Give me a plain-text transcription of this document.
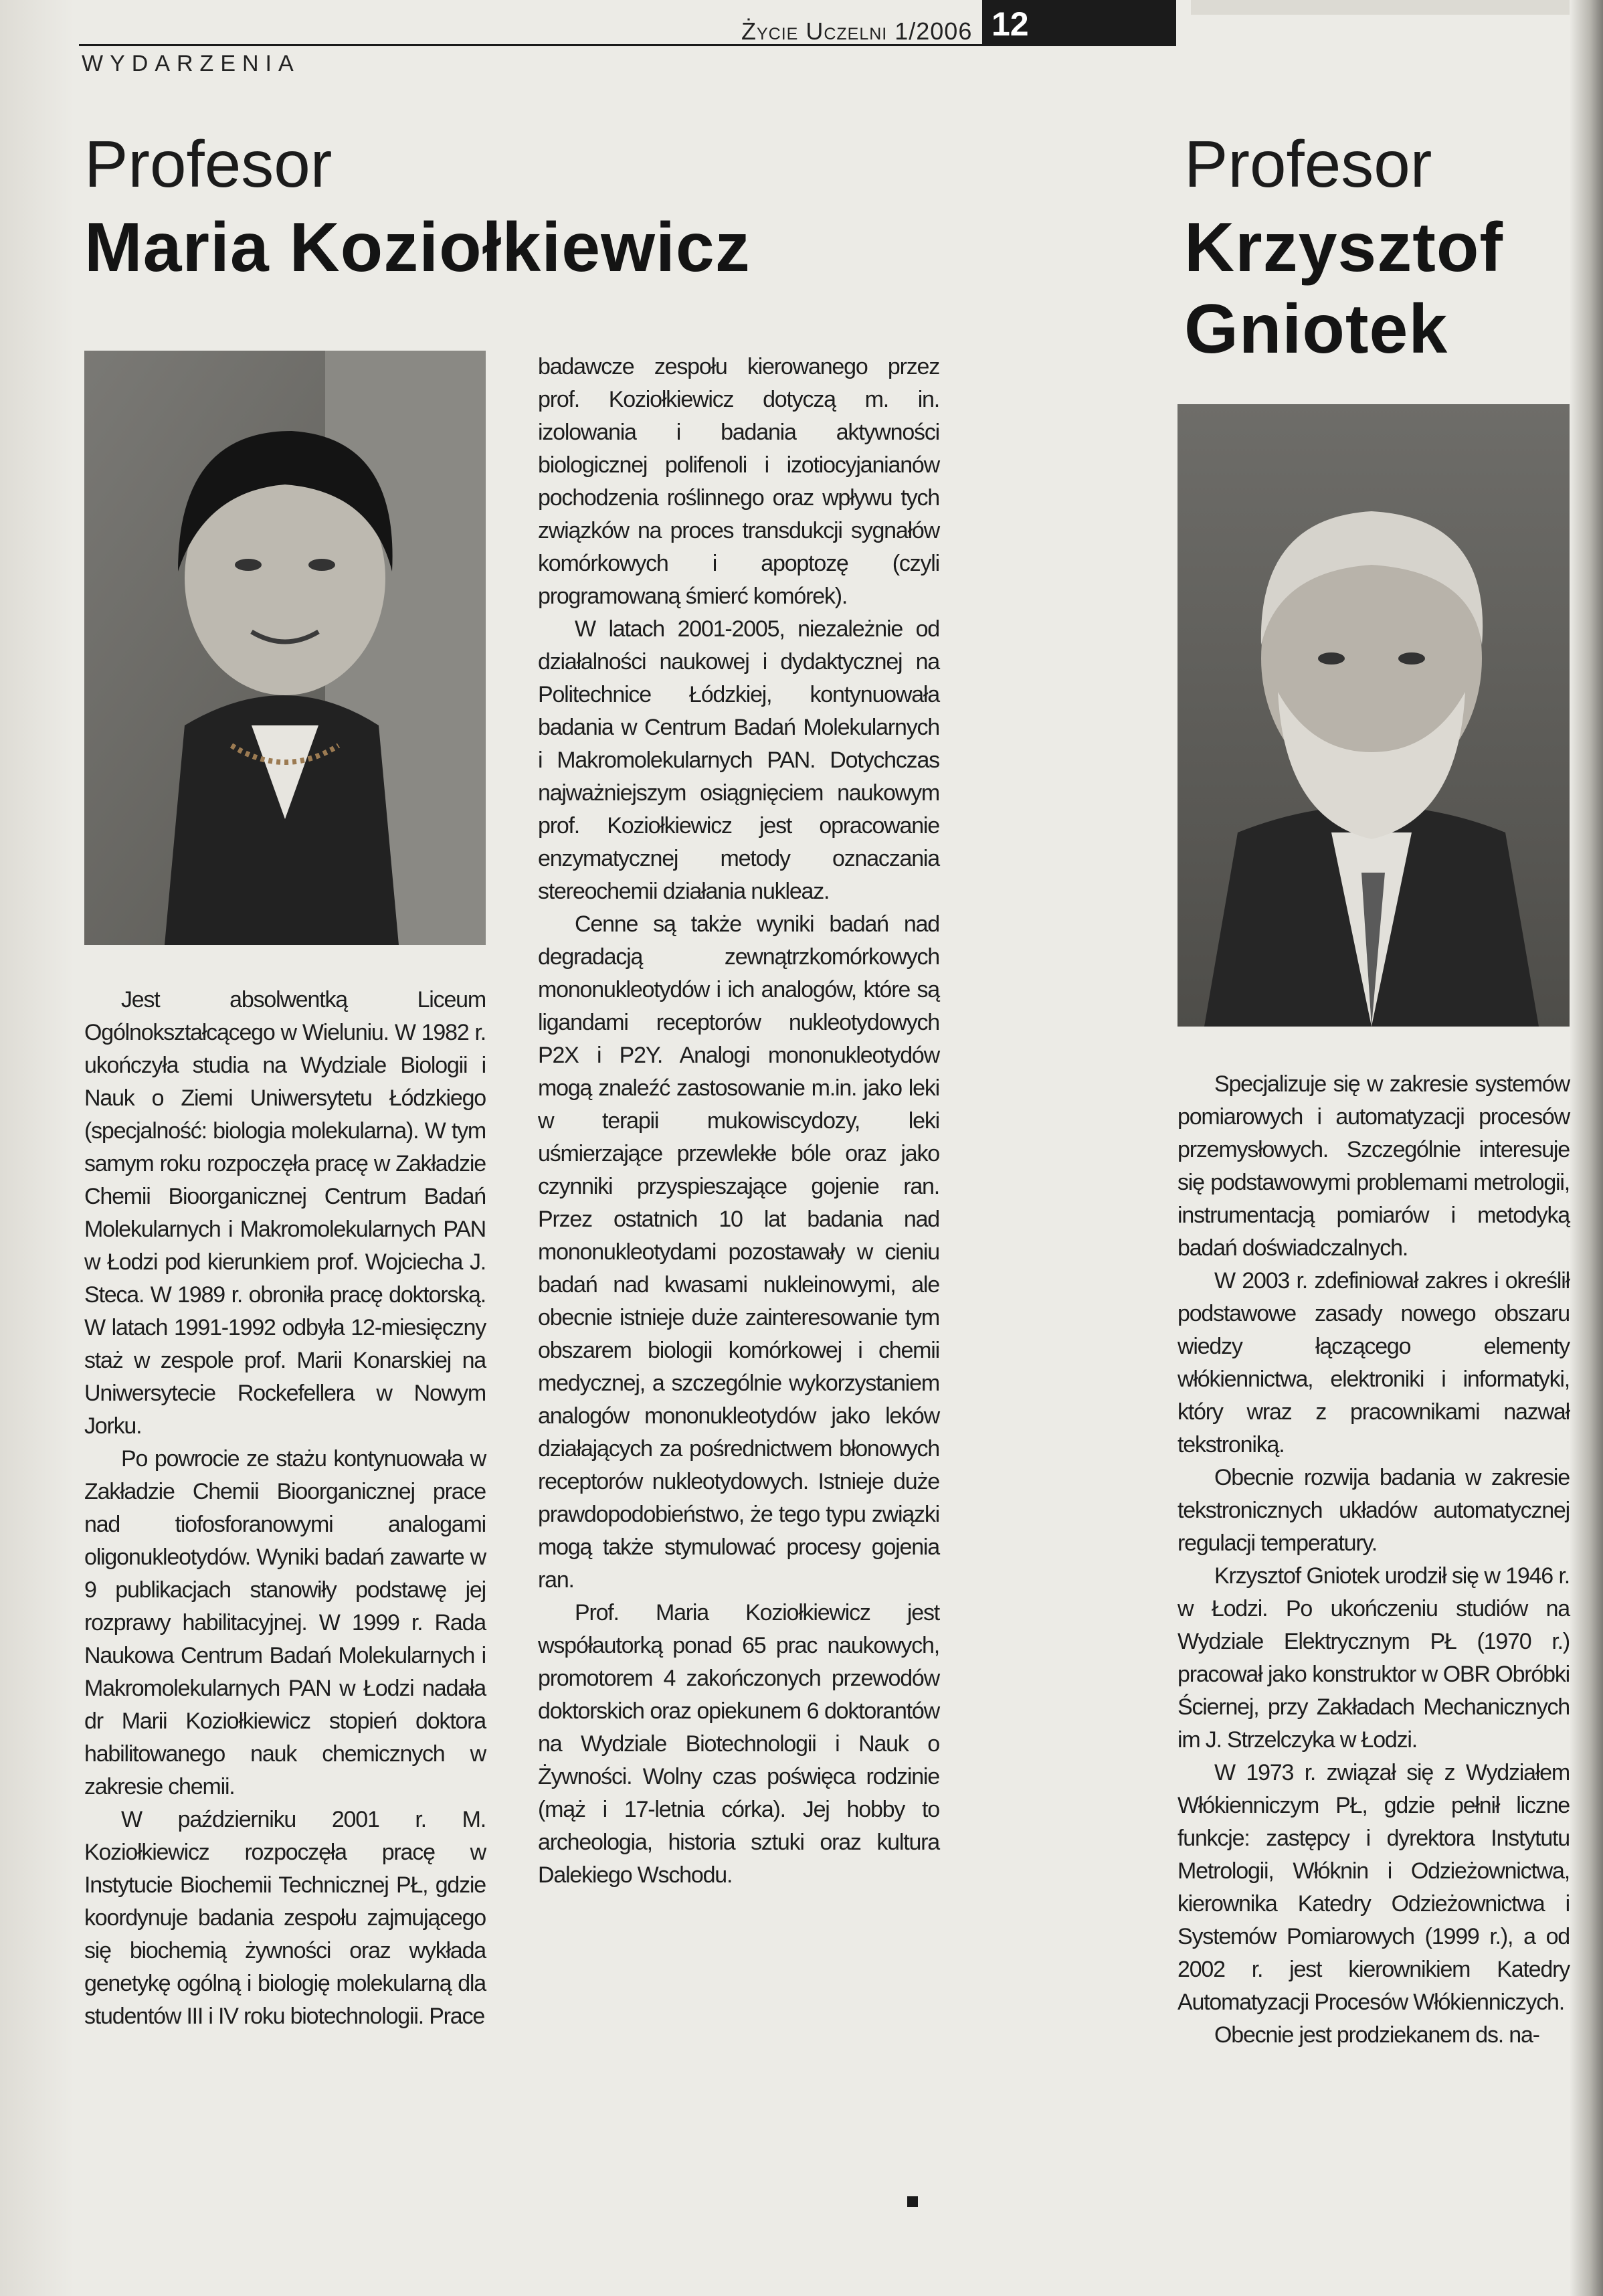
WYDARZENIA
Życie Uczelni 1/2006 12
Profesor
Maria Koziołkiewicz

Jest absolwentką Liceum Ogólnokształcącego w Wieluniu. W 1982 r. ukończyła studia na Wydziale Biologii i Nauk o Ziemi Uniwersytetu Łódzkiego (specjalność: biologia molekularna). W tym samym roku rozpoczęła pracę w Zakładzie Chemii Bioorganicznej Centrum Badań Molekularnych i Makromolekularnych PAN w Łodzi pod kierunkiem prof. Wojciecha J. Steca. W 1989 r. obroniła pracę doktorską. W latach 1991-1992 odbyła 12-miesięczny staż w zespole prof. Marii Konarskiej na Uniwersytecie Rockefellera w Nowym Jorku.

Po powrocie ze stażu kontynuowała w Zakładzie Chemii Bioorganicznej prace nad tiofosforanowymi analogami oligonukleotydów. Wyniki badań zawarte w 9 publikacjach stanowiły podstawę jej rozprawy habilitacyjnej. W 1999 r. Rada Naukowa Centrum Badań Molekularnych i Makromolekularnych PAN w Łodzi nadała dr Marii Koziołkiewicz stopień doktora habilitowanego nauk chemicznych w zakresie chemii.

W październiku 2001 r. M. Koziołkiewicz rozpoczęła pracę w Instytucie Biochemii Technicznej PŁ, gdzie koordynuje badania zespołu zajmującego się biochemią żywności oraz wykłada genetykę ogólną i biologię molekularną dla studentów III i IV roku biotechnologii. Prace

badawcze zespołu kierowanego przez prof. Koziołkiewicz dotyczą m. in. izolowania i badania aktywności biologicznej polifenoli i izotiocyjanianów pochodzenia roślinnego oraz wpływu tych związków na proces transdukcji sygnałów komórkowych i apoptozę (czyli programowaną śmierć komórek).

W latach 2001-2005, niezależnie od działalności naukowej i dydaktycznej na Politechnice Łódzkiej, kontynuowała badania w Centrum Badań Molekularnych i Makromolekularnych PAN. Dotychczas najważniejszym osiągnięciem naukowym prof. Koziołkiewicz jest opracowanie enzymatycznej metody oznaczania stereochemii działania nukleaz.

Cenne są także wyniki badań nad degradacją zewnątrzkomórkowych mononukleotydów i ich analogów, które są ligandami receptorów nukleotydowych P2X i P2Y. Analogi mononukleotydów mogą znaleźć zastosowanie m.in. jako leki w terapii mukowiscydozy, leki uśmierzające przewlekłe bóle oraz jako czynniki przyspieszające gojenie ran. Przez ostatnich 10 lat badania nad mononukleotydami pozostawały w cieniu badań nad kwasami nukleinowymi, ale obecnie istnieje duże zainteresowanie tym obszarem biologii komórkowej i chemii medycznej, a szczególnie wykorzystaniem analogów mononukleotydów jako leków działających za pośrednictwem błonowych receptorów nukleotydowych. Istnieje duże prawdopodobieństwo, że tego typu związki mogą także stymulować procesy gojenia ran.

Prof. Maria Koziołkiewicz jest współautorką ponad 65 prac naukowych, promotorem 4 zakończonych przewodów doktorskich oraz opiekunem 6 doktorantów na Wydziale Biotechnologii i Nauk o Żywności. Wolny czas poświęca rodzinie (mąż i 17-letnia córka). Jej hobby to archeologia, historia sztuki oraz kultura Dalekiego Wschodu.

Profesor
Krzysztof
Gniotek

Specjalizuje się w zakresie systemów pomiarowych i automatyzacji procesów przemysłowych. Szczególnie interesuje się podstawowymi problemami metrologii, instrumentacją pomiarów i metodyką badań doświadczalnych.

W 2003 r. zdefiniował zakres i określił podstawowe zasady nowego obszaru wiedzy łączącego elementy włókiennictwa, elektroniki i informatyki, który wraz z pracownikami nazwał tekstroniką.

Obecnie rozwija badania w zakresie tekstronicznych układów automatycznej regulacji temperatury.

Krzysztof Gniotek urodził się w 1946 r. w Łodzi. Po ukończeniu studiów na Wydziale Elektrycznym PŁ (1970 r.) pracował jako konstruktor w OBR Obróbki Ściernej, przy Zakładach Mechanicznych im J. Strzelczyka w Łodzi.

W 1973 r. związał się z Wydziałem Włókienniczym PŁ, gdzie pełnił liczne funkcje: zastępcy i dyrektora Instytutu Metrologii, Włóknin i Odzieżownictwa, kierownika Katedry Odzieżownictwa i Systemów Pomiarowych (1999 r.), a od 2002 r. jest kierownikiem Katedry Automatyzacji Procesów Włókienniczych.

Obecnie jest prodziekanem ds. na-
